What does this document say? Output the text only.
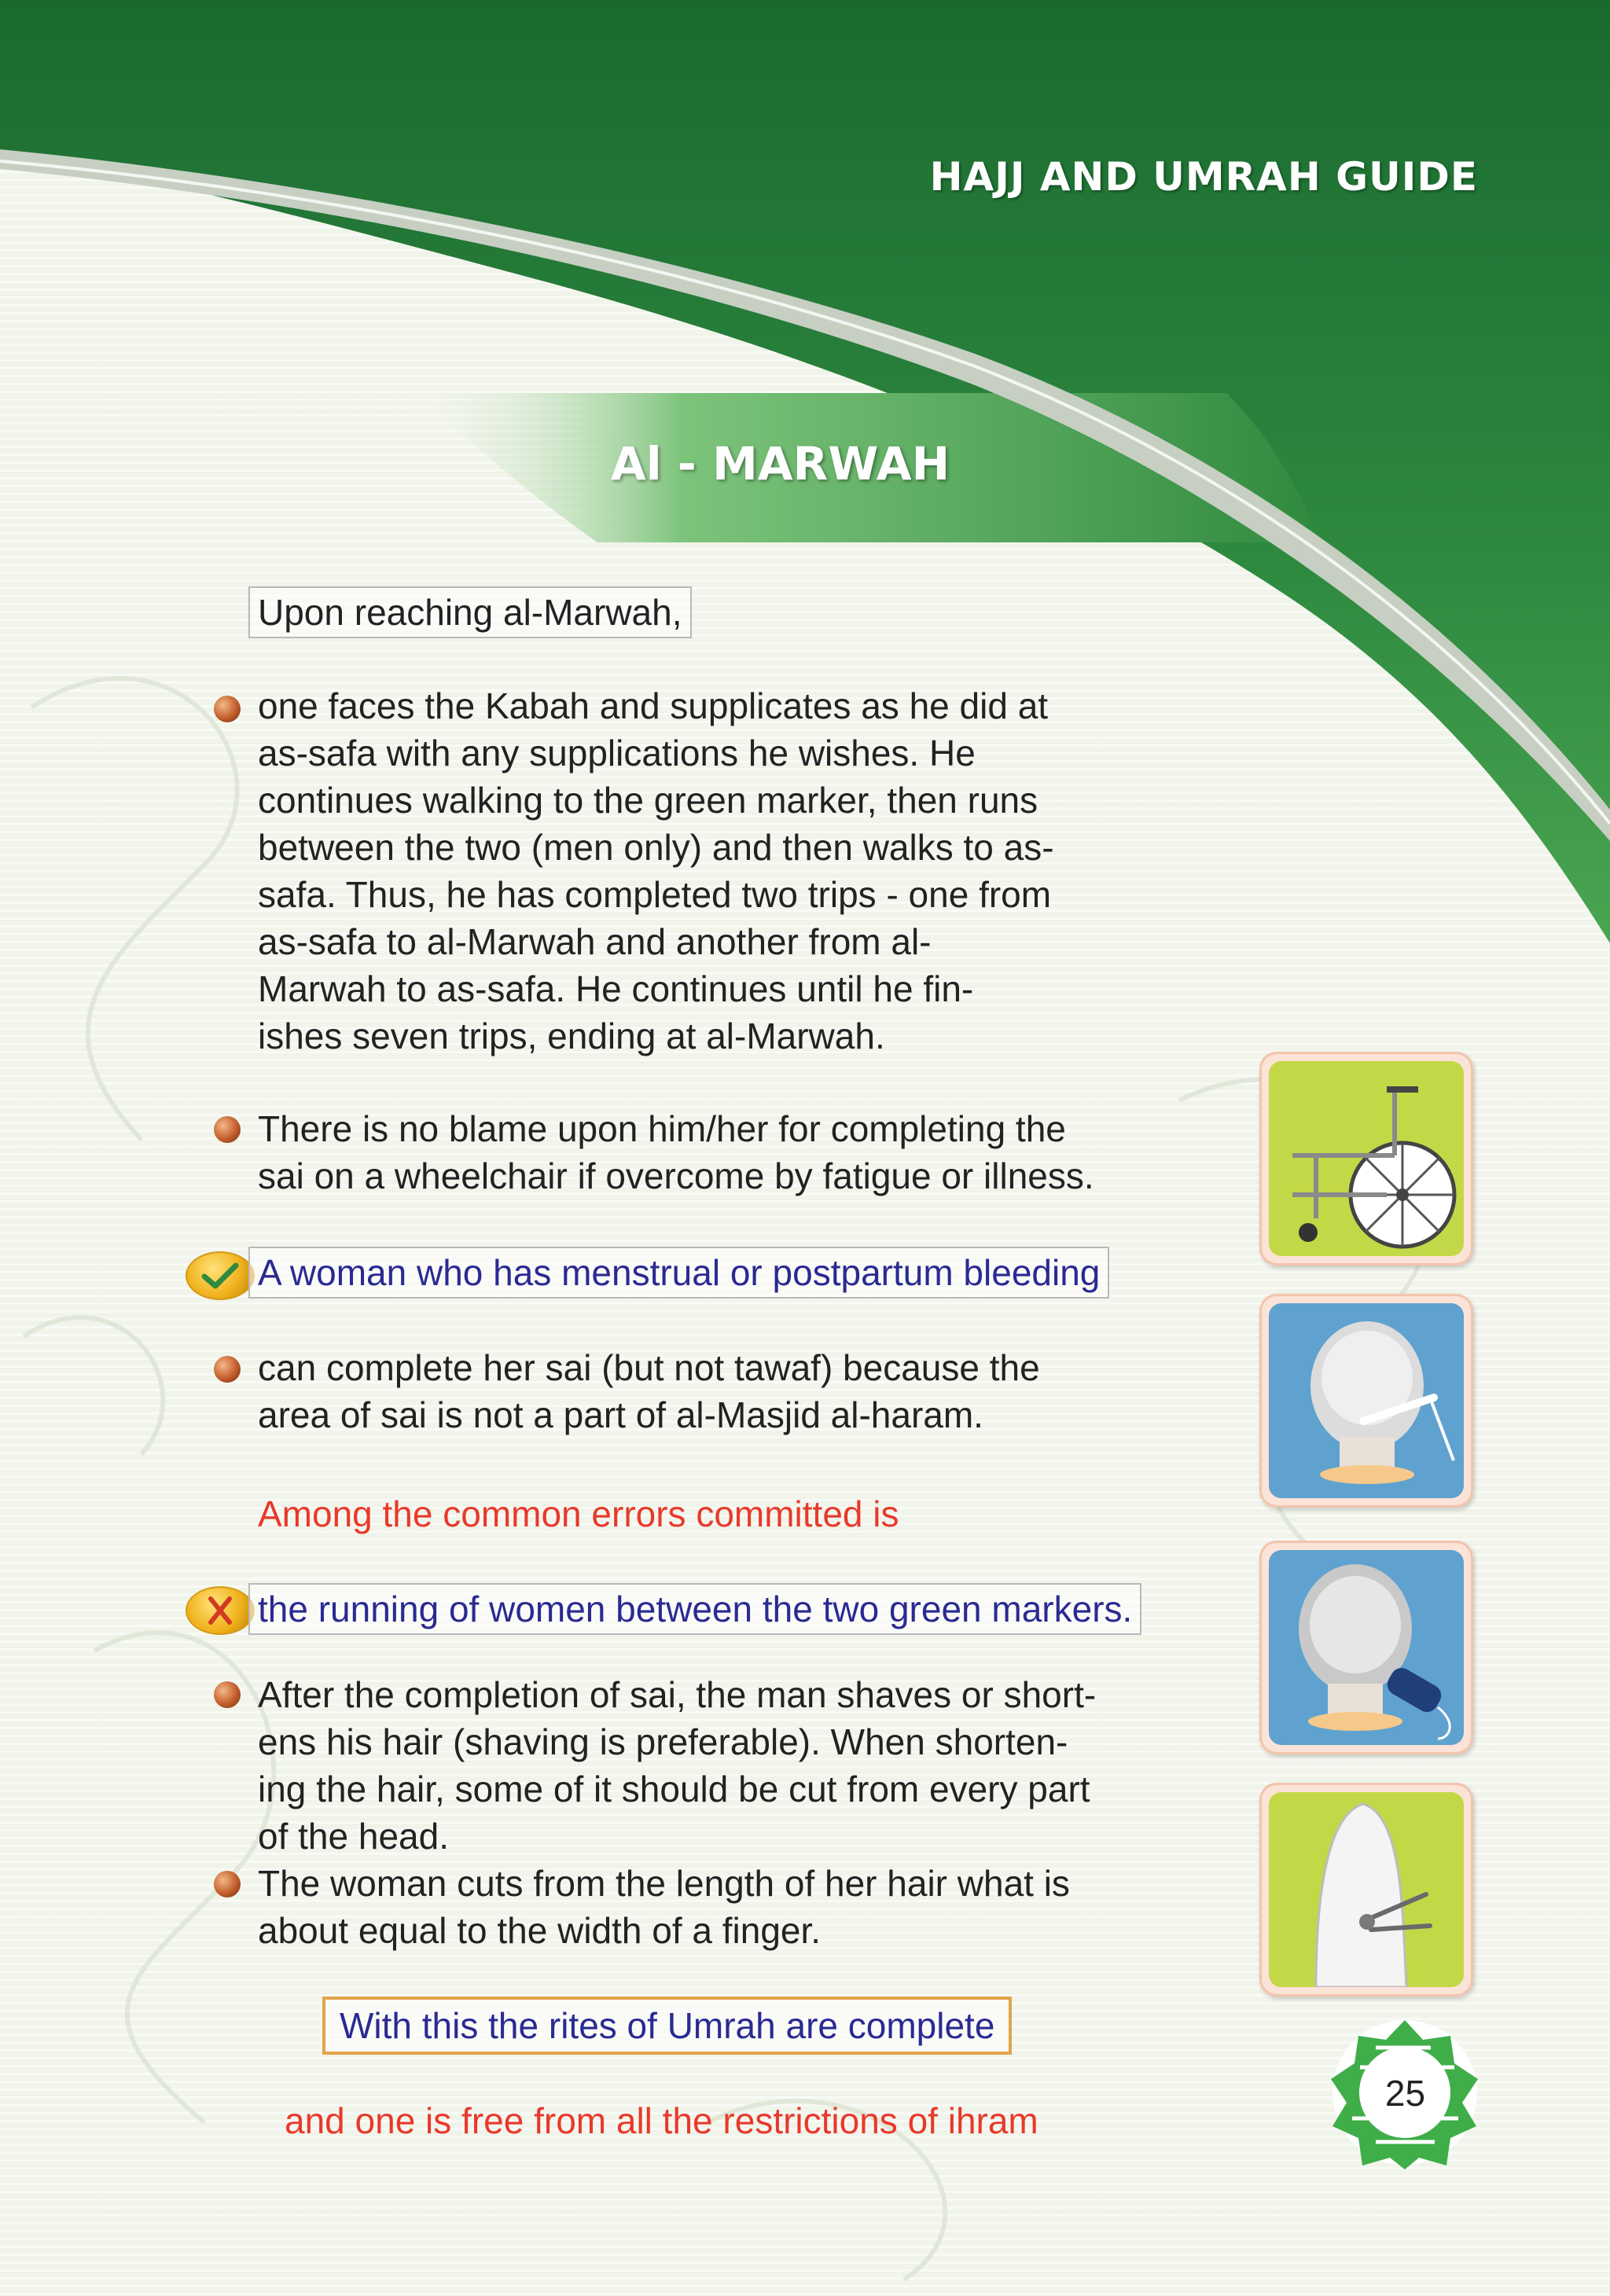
HAJJ AND UMRAH GUIDE
Al - MARWAH

Upon reaching al-Marwah,

one faces the Kabah and supplicates as he did at
as-safa with any supplications he wishes. He
continues walking to the green marker, then runs
between the two (men only) and then walks to as-
safa. Thus, he has completed two trips - one from
as-safa to al-Marwah and another from al-
Marwah to as-safa. He continues until he fin-
ishes seven trips, ending at al-Marwah.
There is no blame upon him/her for completing the
sai on a wheelchair if overcome by fatigue or illness.

A woman who has menstrual or postpartum bleeding

can complete her sai (but not tawaf) because the
area of sai is not a part of al-Masjid al-haram.

Among the common errors committed is

the running of women between the two green markers.

After the completion of sai, the man shaves or short-
ens his hair (shaving is preferable). When shorten-
ing the hair, some of it should be cut from every part
of the head.
The woman cuts from the length of her hair what is
about equal to the width of a finger.

With this the rites of Umrah are complete

and one is free from all the restrictions of ihram

25
